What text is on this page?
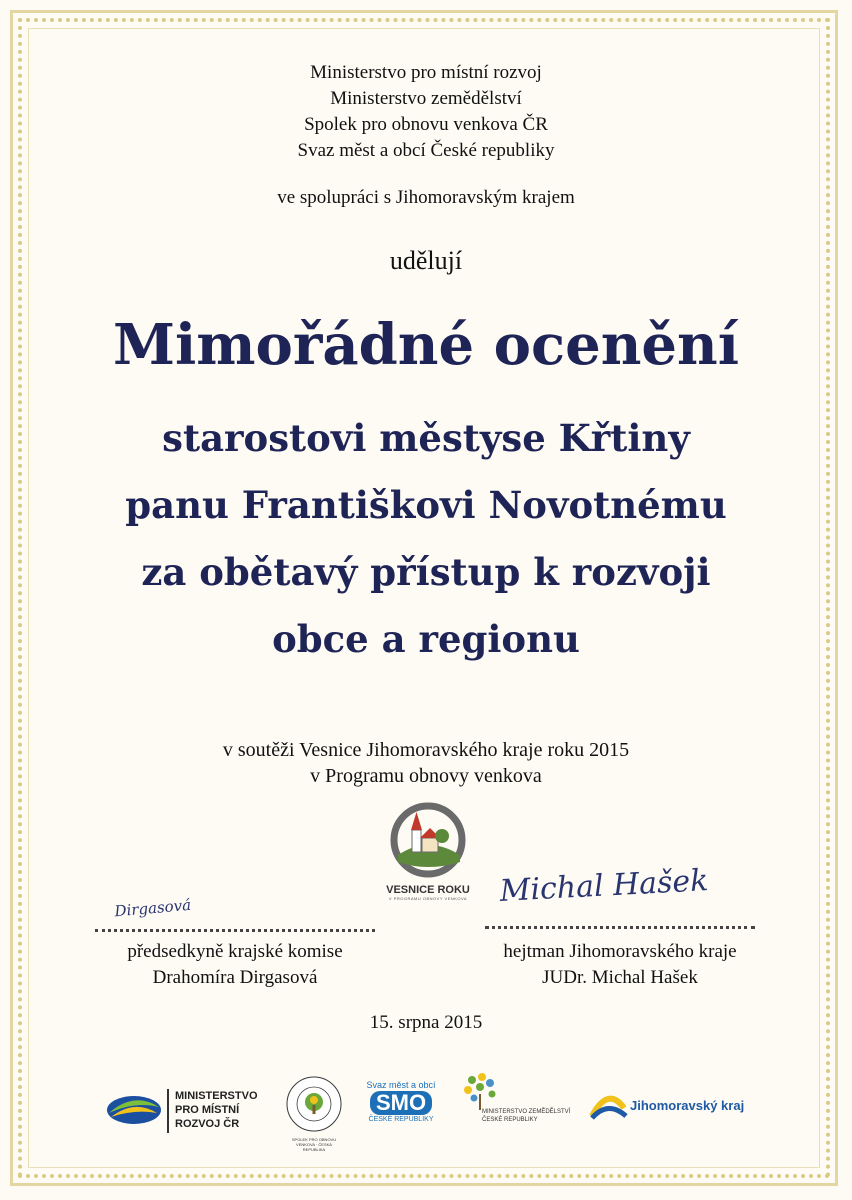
Ministerstvo pro místní rozvoj
Ministerstvo zemědělství
Spolek pro obnovu venkova ČR
Svaz měst a obcí České republiky
ve spolupráci s Jihomoravským krajem
udělují
Mimořádné ocenění
starostovi městyse Křtiny
panu Františkovi Novotnému
za obětavý přístup k rozvoji
obce a regionu
v soutěži Vesnice Jihomoravského kraje roku 2015
v Programu obnovy venkova
VESNICE ROKU
V PROGRAMU OBNOVY VENKOVA
Dirgasová
předsedkyně krajské komise
Drahomíra Dirgasová
Michal Hašek
hejtman Jihomoravského kraje
JUDr. Michal Hašek
15. srpna 2015
MINISTERSTVO
PRO MÍSTNÍ
ROZVOJ ČR
SPOLEK PRO OBNOVU VENKOVA · ČESKÁ REPUBLIKA
Svaz měst a obcí
SMO
ČESKÉ REPUBLIKY
MINISTERSTVO ZEMĚDĚLSTVÍ
ČESKÉ REPUBLIKY
Jihomoravský kraj
